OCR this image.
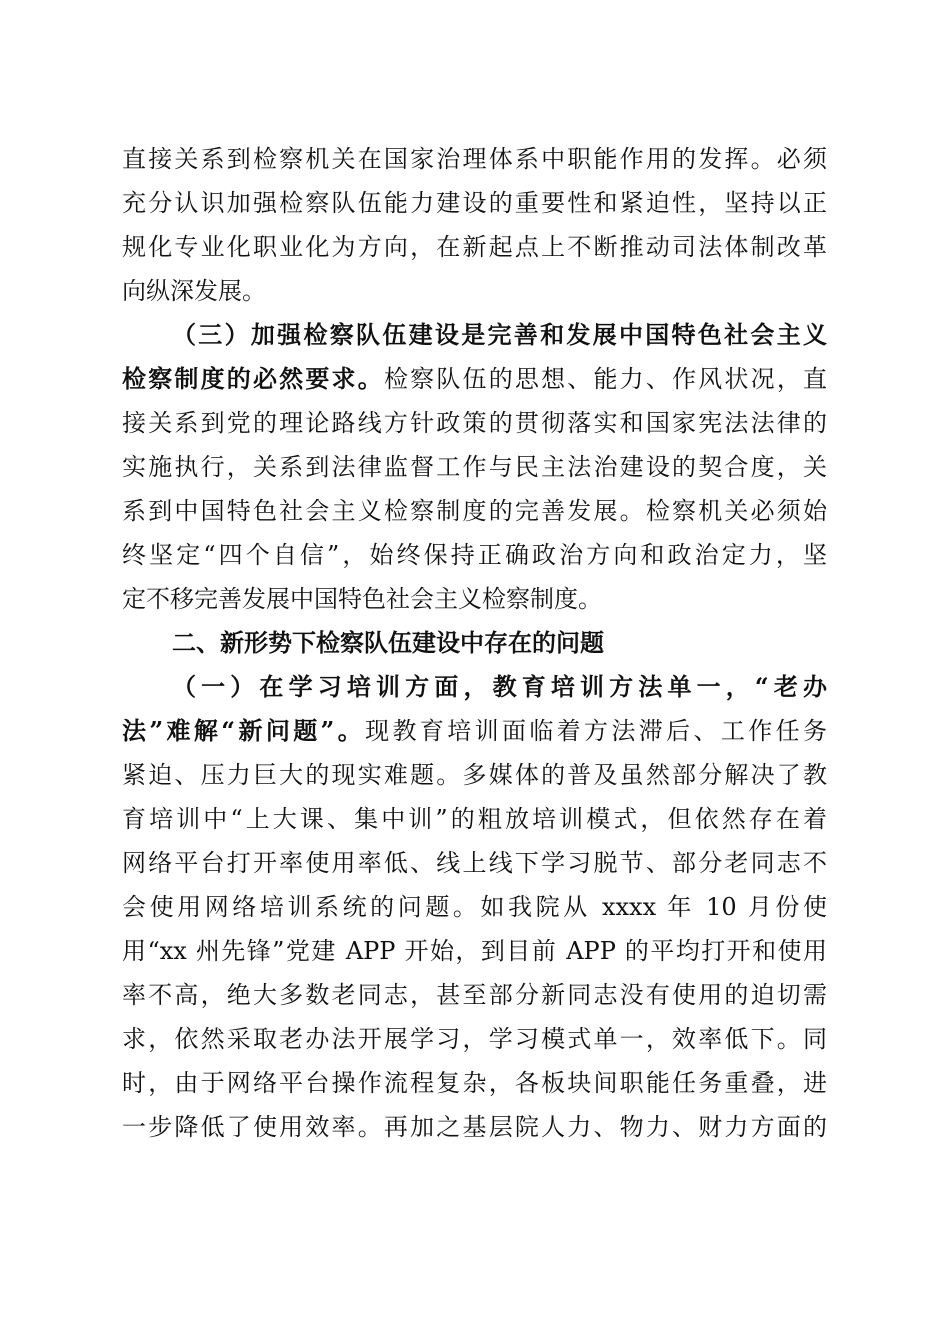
直接关系到检察机关在国家治理体系中职能作用的发挥。必须
充分认识加强检察队伍能力建设的重要性和紧迫性，坚持以正
规化专业化职业化为方向，在新起点上不断推动司法体制改革
向纵深发展。
（三）加强检察队伍建设是完善和发展中国特色社会主义
检察制度的必然要求。检察队伍的思想、能力、作风状况，直
接关系到党的理论路线方针政策的贯彻落实和国家宪法法律的
实施执行，关系到法律监督工作与民主法治建设的契合度，关
系到中国特色社会主义检察制度的完善发展。检察机关必须始
终坚定“四个自信”，始终保持正确政治方向和政治定力，坚
定不移完善发展中国特色社会主义检察制度。
二、新形势下检察队伍建设中存在的问题
（一）在学习培训方面，教育培训方法单一，“老办
法”难解“新问题”。现教育培训面临着方法滞后、工作任务
紧迫、压力巨大的现实难题。多媒体的普及虽然部分解决了教
育培训中“上大课、集中训”的粗放培训模式，但依然存在着
网络平台打开率使用率低、线上线下学习脱节、部分老同志不
会使用网络培训系统的问题。如我院从 xxxx 年 10 月份使
用“xx 州先锋”党建 APP 开始，到目前 APP 的平均打开和使用
率不高，绝大多数老同志，甚至部分新同志没有使用的迫切需
求，依然采取老办法开展学习，学习模式单一，效率低下。同
时，由于网络平台操作流程复杂，各板块间职能任务重叠，进
一步降低了使用效率。再加之基层院人力、物力、财力方面的
